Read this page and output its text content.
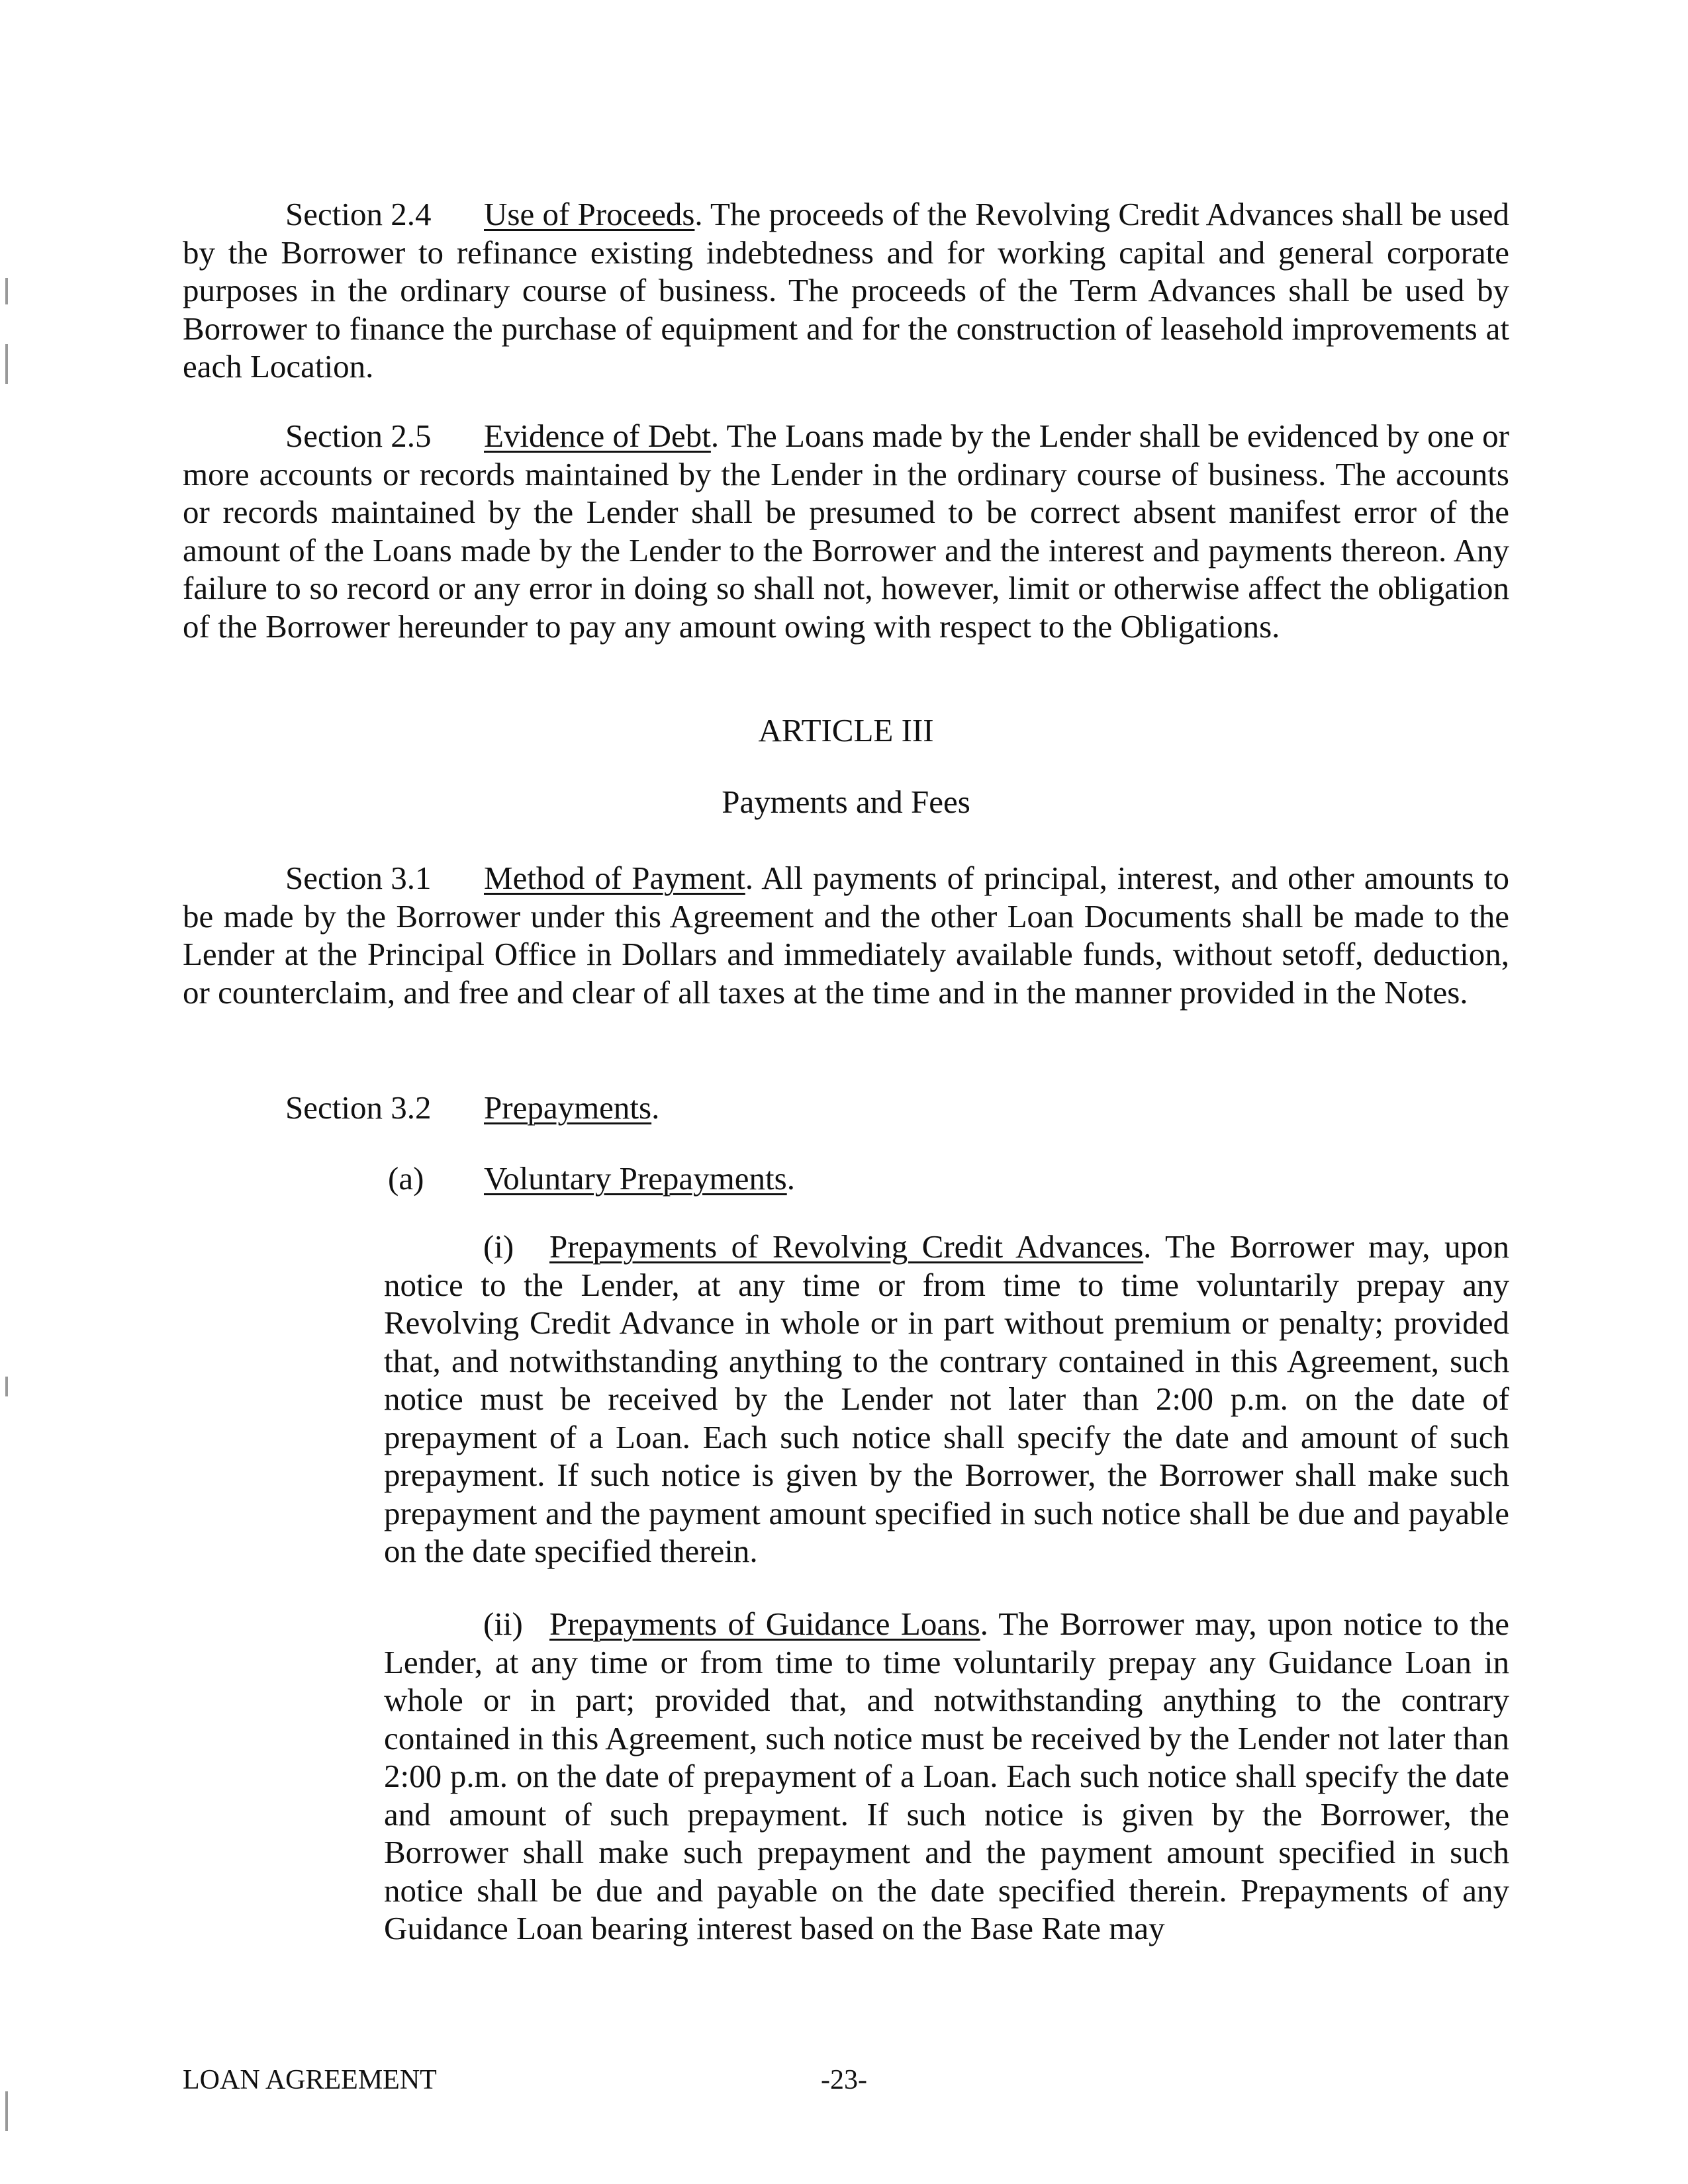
Section 2.4 Use of Proceeds. The proceeds of the Revolving Credit Advances shall be used by the Borrower to refinance existing indebtedness and for working capital and general corporate purposes in the ordinary course of business. The proceeds of the Term Advances shall be used by Borrower to finance the purchase of equipment and for the construction of leasehold improvements at each Location.

Section 2.5 Evidence of Debt. The Loans made by the Lender shall be evidenced by one or more accounts or records maintained by the Lender in the ordinary course of business. The accounts or records maintained by the Lender shall be presumed to be correct absent manifest error of the amount of the Loans made by the Lender to the Borrower and the interest and payments thereon. Any failure to so record or any error in doing so shall not, however, limit or otherwise affect the obligation of the Borrower hereunder to pay any amount owing with respect to the Obligations.

ARTICLE III
Payments and Fees

Section 3.1 Method of Payment. All payments of principal, interest, and other amounts to be made by the Borrower under this Agreement and the other Loan Documents shall be made to the Lender at the Principal Office in Dollars and immediately available funds, without setoff, deduction, or counterclaim, and free and clear of all taxes at the time and in the manner provided in the Notes.

Section 3.2 Prepayments.

(a) Voluntary Prepayments.

(i) Prepayments of Revolving Credit Advances. The Borrower may, upon notice to the Lender, at any time or from time to time voluntarily prepay any Revolving Credit Advance in whole or in part without premium or penalty; provided that, and notwithstanding anything to the contrary contained in this Agreement, such notice must be received by the Lender not later than 2:00 p.m. on the date of prepayment of a Loan. Each such notice shall specify the date and amount of such prepayment. If such notice is given by the Borrower, the Borrower shall make such prepayment and the payment amount specified in such notice shall be due and payable on the date specified therein.

(ii) Prepayments of Guidance Loans. The Borrower may, upon notice to the Lender, at any time or from time to time voluntarily prepay any Guidance Loan in whole or in part; provided that, and notwithstanding anything to the contrary contained in this Agreement, such notice must be received by the Lender not later than 2:00 p.m. on the date of prepayment of a Loan. Each such notice shall specify the date and amount of such prepayment. If such notice is given by the Borrower, the Borrower shall make such prepayment and the payment amount specified in such notice shall be due and payable on the date specified therein. Prepayments of any Guidance Loan bearing interest based on the Base Rate may

LOAN AGREEMENT	-23-
